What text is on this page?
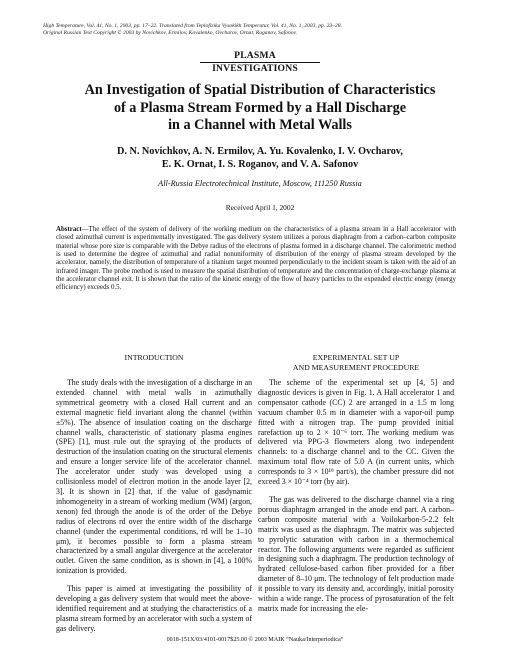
High Temperature, Vol. 41, No. 1, 2003, pp. 17–22. Translated from Teplofizika Vysokikh Temperatur, Vol. 41, No. 1, 2003, pp. 23–28.
Original Russian Text Copyright © 2003 by Novichkov, Ermilov, Kovalenko, Ovcharov, Ornat, Roganov, Safonov.
PLASMA
INVESTIGATIONS
An Investigation of Spatial Distribution of Characteristics
of a Plasma Stream Formed by a Hall Discharge
in a Channel with Metal Walls
D. N. Novichkov, A. N. Ermilov, A. Yu. Kovalenko, I. V. Ovcharov,
E. K. Ornat, I. S. Roganov, and V. A. Safonov
All-Russia Electrotechnical Institute, Moscow, 111250 Russia
Received April 1, 2002
Abstract—The effect of the system of delivery of the working medium on the characteristics of a plasma stream in a Hall accelerator with closed azimuthal current is experimentally investigated. The gas delivery system utilizes a porous diaphragm from a carbon–carbon composite material whose pore size is comparable with the Debye radius of the electrons of plasma formed in a discharge channel. The calorimetric method is used to determine the degree of azimuthal and radial nonuniformity of distribution of the energy of plasma stream developed by the accelerator, namely, the distribution of temperature of a titanium target mounted perpendicularly to the incident steam is taken with the aid of an infrared imager. The probe method is used to measure the spatial distribution of temperature and the concentration of charge-exchange plasma at the accelerator channel exit. It is shown that the ratio of the kinetic energy of the flow of heavy particles to the expended electric energy (energy efficiency) exceeds 0.5.
INTRODUCTION

The study deals with the investigation of a discharge in an extended channel with metal walls in azimuthally symmetrical geometry with a closed Hall current and an external magnetic field invariant along the channel (within ±5%). The absence of insulation coating on the discharge channel walls, characteristic of stationary plasma engines (SPE) [1], must rule out the spraying of the products of destruction of the insulation coating on the structural elements and ensure a longer service life of the accelerator channel. The accelerator under study was developed using a collisionless model of electron motion in the anode layer [2, 3]. It is shown in [2] that, if the value of gasdynamic inhomogeneity in a stream of working medium (WM) (argon, xenon) fed through the anode is of the order of the Debye radius of electrons rd over the entire width of the discharge channel (under the experimental conditions, rd will be 1–10 μm), it becomes possible to form a plasma stream characterized by a small angular divergence at the accelerator outlet. Given the same condition, as is shown in [4], a 100% ionization is provided.

This paper is aimed at investigating the possibility of developing a gas delivery system that would meet the above-identified requirement and at studying the characteristics of a plasma stream formed by an accelerator with such a system of gas delivery.

EXPERIMENTAL SET UP
AND MEASUREMENT PROCEDURE

The scheme of the experimental set up [4, 5] and diagnostic devices is given in Fig. 1. A Hall accelerator 1 and compensator cathode (CC) 2 are arranged in a 1.5 m long vacuum chamber 0.5 m in diameter with a vapor-oil pump fitted with a nitrogen trap. The pump provided initial rarefaction up to 2 × 10⁻⁶ torr. The working medium was delivered via PPG-3 flowmeters along two independent channels: to a discharge channel and to the CC. Given the maximum total flow rate of 5.0 A (in current units, which corresponds to 3 × 10¹⁹ part/s), the chamber pressure did not exceed 3 × 10⁻⁴ torr (by air).

The gas was delivered to the discharge channel via a ring porous diaphragm arranged in the anode end part. A carbon–carbon composite material with a Voilokarbon-5-2.2 felt matrix was used as the diaphragm. The matrix was subjected to pyrolytic saturation with carbon in a thermochemical reactor. The following arguments were regarded as sufficient in designing such a diaphragm. The production technology of hydrated cellulose-based carbon fiber provided for a fiber diameter of 8–10 μm. The technology of felt production made it possible to vary its density and, accordingly, initial porosity within a wide range. The process of pyrosaturation of the felt matrix made for increasing the ele-

0018-151X/03/4101-0017$25.00 © 2003 MAIK “Nauka/Interperiodica”
